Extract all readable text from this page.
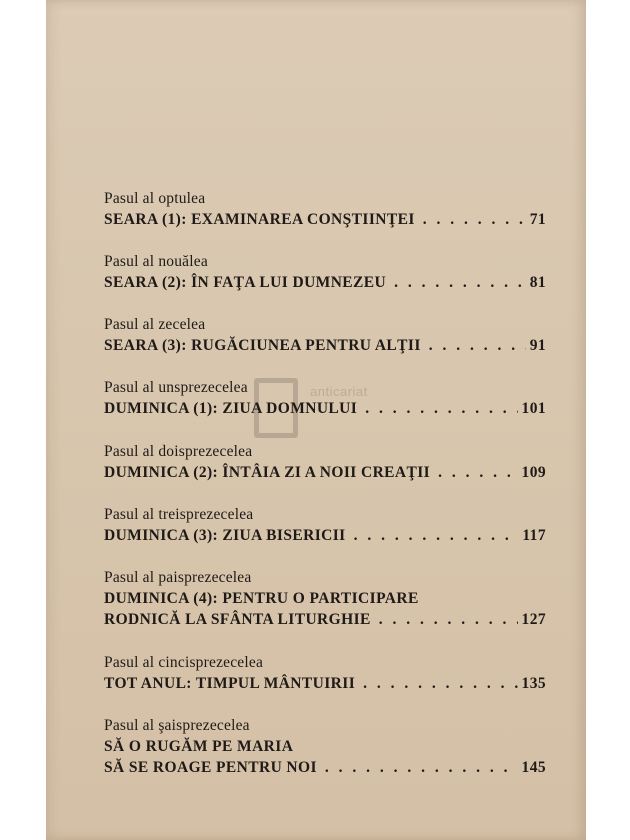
anticariat
Pasul al optulea
SEARA (1): EXAMINAREA CONŞTIINŢEI . . .	71
Pasul al nouălea
SEARA (2): ÎN FAŢA LUI DUMNEZEU . . .	81
Pasul al zecelea
SEARA (3): RUGĂCIUNEA PENTRU ALŢII . . .	91
Pasul al unsprezecelea
DUMINICA (1): ZIUA DOMNULUI . . .	101
Pasul al doisprezecelea
DUMINICA (2): ÎNTÂIA ZI A NOII CREAŢII . . .	109
Pasul al treisprezecelea
DUMINICA (3): ZIUA BISERICII . . .	117
Pasul al paisprezecelea
DUMINICA (4): PENTRU O PARTICIPARE
RODNICĂ LA SFÂNTA LITURGHIE . . .	127
Pasul al cincisprezecelea
TOT ANUL: TIMPUL MÂNTUIRII . . .	135
Pasul al şaisprezecelea
SĂ O RUGĂM PE MARIA
SĂ SE ROAGE PENTRU NOI . . .	145
